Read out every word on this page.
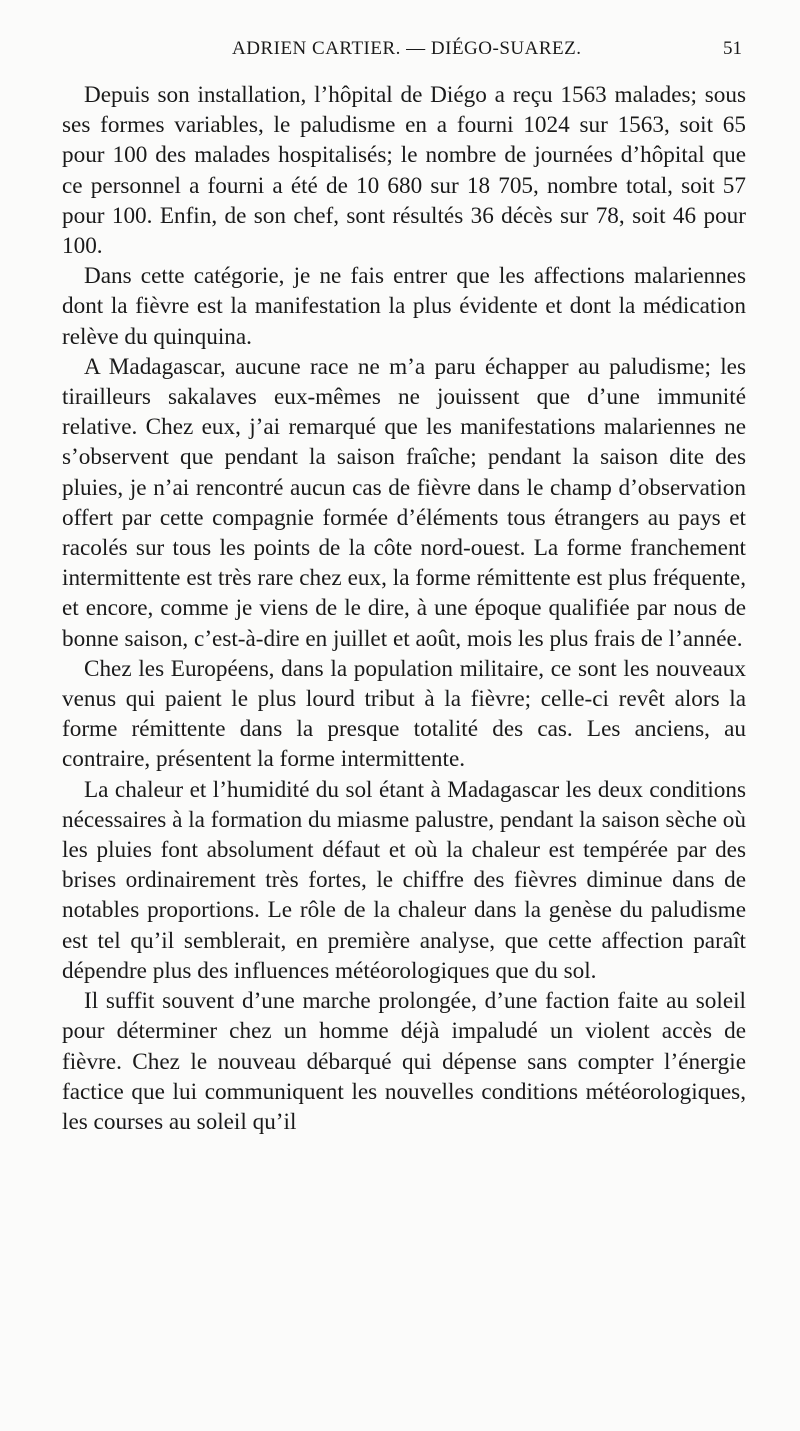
ADRIEN CARTIER. — DIÉGO-SUAREZ.	51

Depuis son installation, l’hôpital de Diégo a reçu 1563 malades; sous ses formes variables, le paludisme en a fourni 1024 sur 1563, soit 65 pour 100 des malades hospitalisés; le nombre de journées d’hôpital que ce personnel a fourni a été de 10 680 sur 18 705, nombre total, soit 57 pour 100. Enfin, de son chef, sont résultés 36 décès sur 78, soit 46 pour 100.

Dans cette catégorie, je ne fais entrer que les affections malariennes dont la fièvre est la manifestation la plus évidente et dont la médication relève du quinquina.

A Madagascar, aucune race ne m’a paru échapper au paludisme; les tirailleurs sakalaves eux-mêmes ne jouissent que d’une immunité relative. Chez eux, j’ai remarqué que les manifestations malariennes ne s’observent que pendant la saison fraîche; pendant la saison dite des pluies, je n’ai rencontré aucun cas de fièvre dans le champ d’observation offert par cette compagnie formée d’éléments tous étrangers au pays et racolés sur tous les points de la côte nord-ouest. La forme franchement intermittente est très rare chez eux, la forme rémittente est plus fréquente, et encore, comme je viens de le dire, à une époque qualifiée par nous de bonne saison, c’est-à-dire en juillet et août, mois les plus frais de l’année.

Chez les Européens, dans la population militaire, ce sont les nouveaux venus qui paient le plus lourd tribut à la fièvre; celle-ci revêt alors la forme rémittente dans la presque totalité des cas. Les anciens, au contraire, présentent la forme intermittente.

La chaleur et l’humidité du sol étant à Madagascar les deux conditions nécessaires à la formation du miasme palustre, pendant la saison sèche où les pluies font absolument défaut et où la chaleur est tempérée par des brises ordinairement très fortes, le chiffre des fièvres diminue dans de notables proportions. Le rôle de la chaleur dans la genèse du paludisme est tel qu’il semblerait, en première analyse, que cette affection paraît dépendre plus des influences météorologiques que du sol.

Il suffit souvent d’une marche prolongée, d’une faction faite au soleil pour déterminer chez un homme déjà impaludé un violent accès de fièvre. Chez le nouveau débarqué qui dépense sans compter l’énergie factice que lui communiquent les nouvelles conditions météorologiques, les courses au soleil qu’il
